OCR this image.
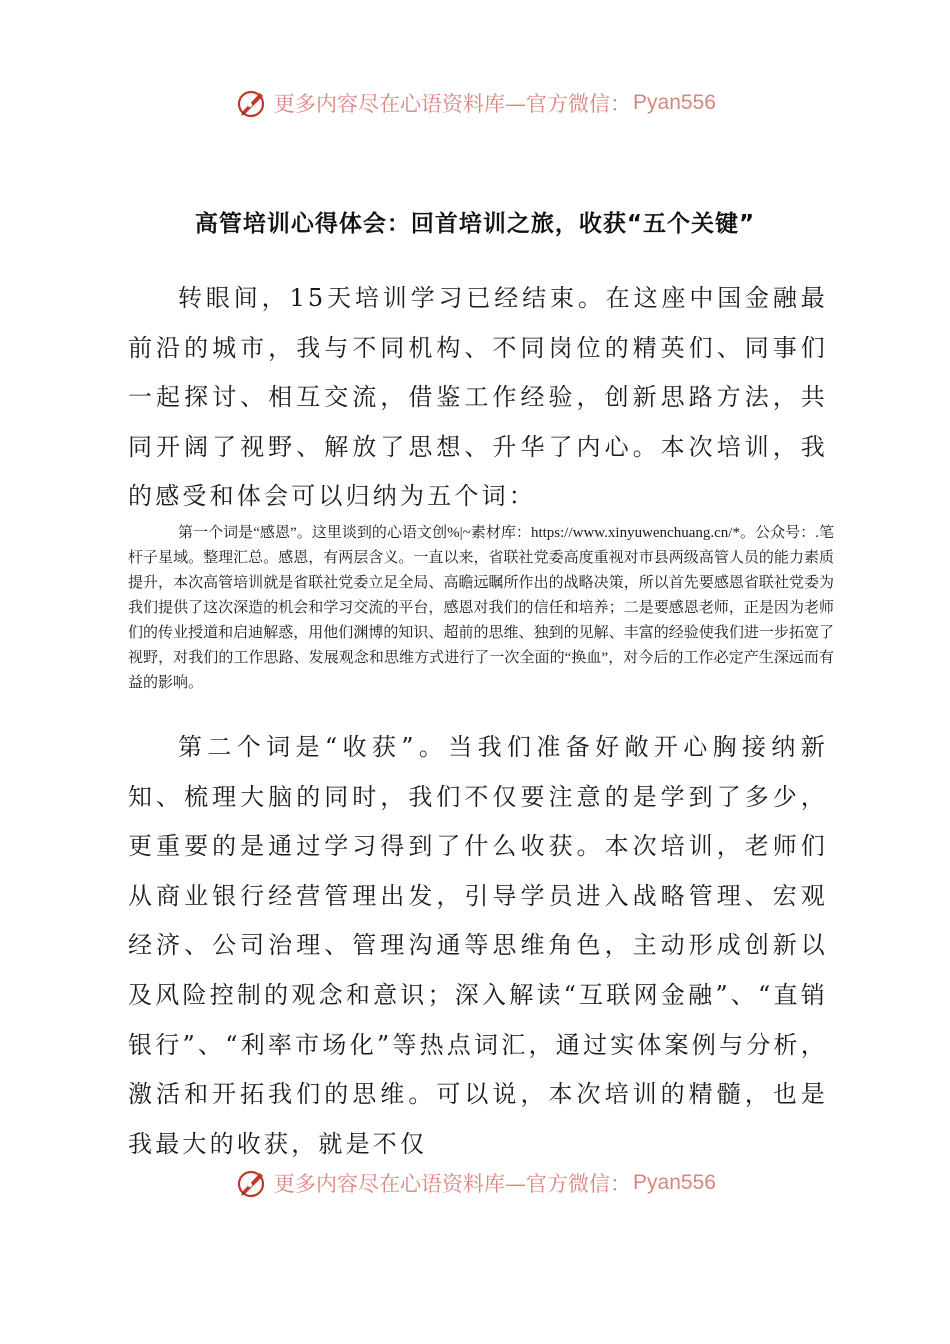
更多内容尽在心语资料库—官方微信： Pyan556
高管培训心得体会：回首培训之旅，收获“五个关键”

转眼间，15天培训学习已经结束。在这座中国金融最前沿的城市，我与不同机构、不同岗位的精英们、同事们一起探讨、相互交流，借鉴工作经验，创新思路方法，共同开阔了视野、解放了思想、升华了内心。本次培训，我的感受和体会可以归纳为五个词：

第一个词是“感恩”。这里谈到的心语文创%|~素材库：https://www.xinyuwenchuang.cn/*。公众号：.笔杆子星域。整理汇总。感恩，有两层含义。一直以来，省联社党委高度重视对市县两级高管人员的能力素质提升，本次高管培训就是省联社党委立足全局、高瞻远瞩所作出的战略决策，所以首先要感恩省联社党委为我们提供了这次深造的机会和学习交流的平台，感恩对我们的信任和培养；二是要感恩老师，正是因为老师们的传业授道和启迪解惑，用他们渊博的知识、超前的思维、独到的见解、丰富的经验使我们进一步拓宽了视野，对我们的工作思路、发展观念和思维方式进行了一次全面的“换血”，对今后的工作必定产生深远而有益的影响。

第二个词是“收获”。当我们准备好敞开心胸接纳新知、梳理大脑的同时，我们不仅要注意的是学到了多少，更重要的是通过学习得到了什么收获。本次培训，老师们从商业银行经营管理出发，引导学员进入战略管理、宏观经济、公司治理、管理沟通等思维角色，主动形成创新以及风险控制的观念和意识；深入解读“互联网金融”、“直销银行”、“利率市场化”等热点词汇，通过实体案例与分析，激活和开拓我们的思维。可以说，本次培训的精髓，也是我最大的收获，就是不仅

更多内容尽在心语资料库—官方微信： Pyan556
